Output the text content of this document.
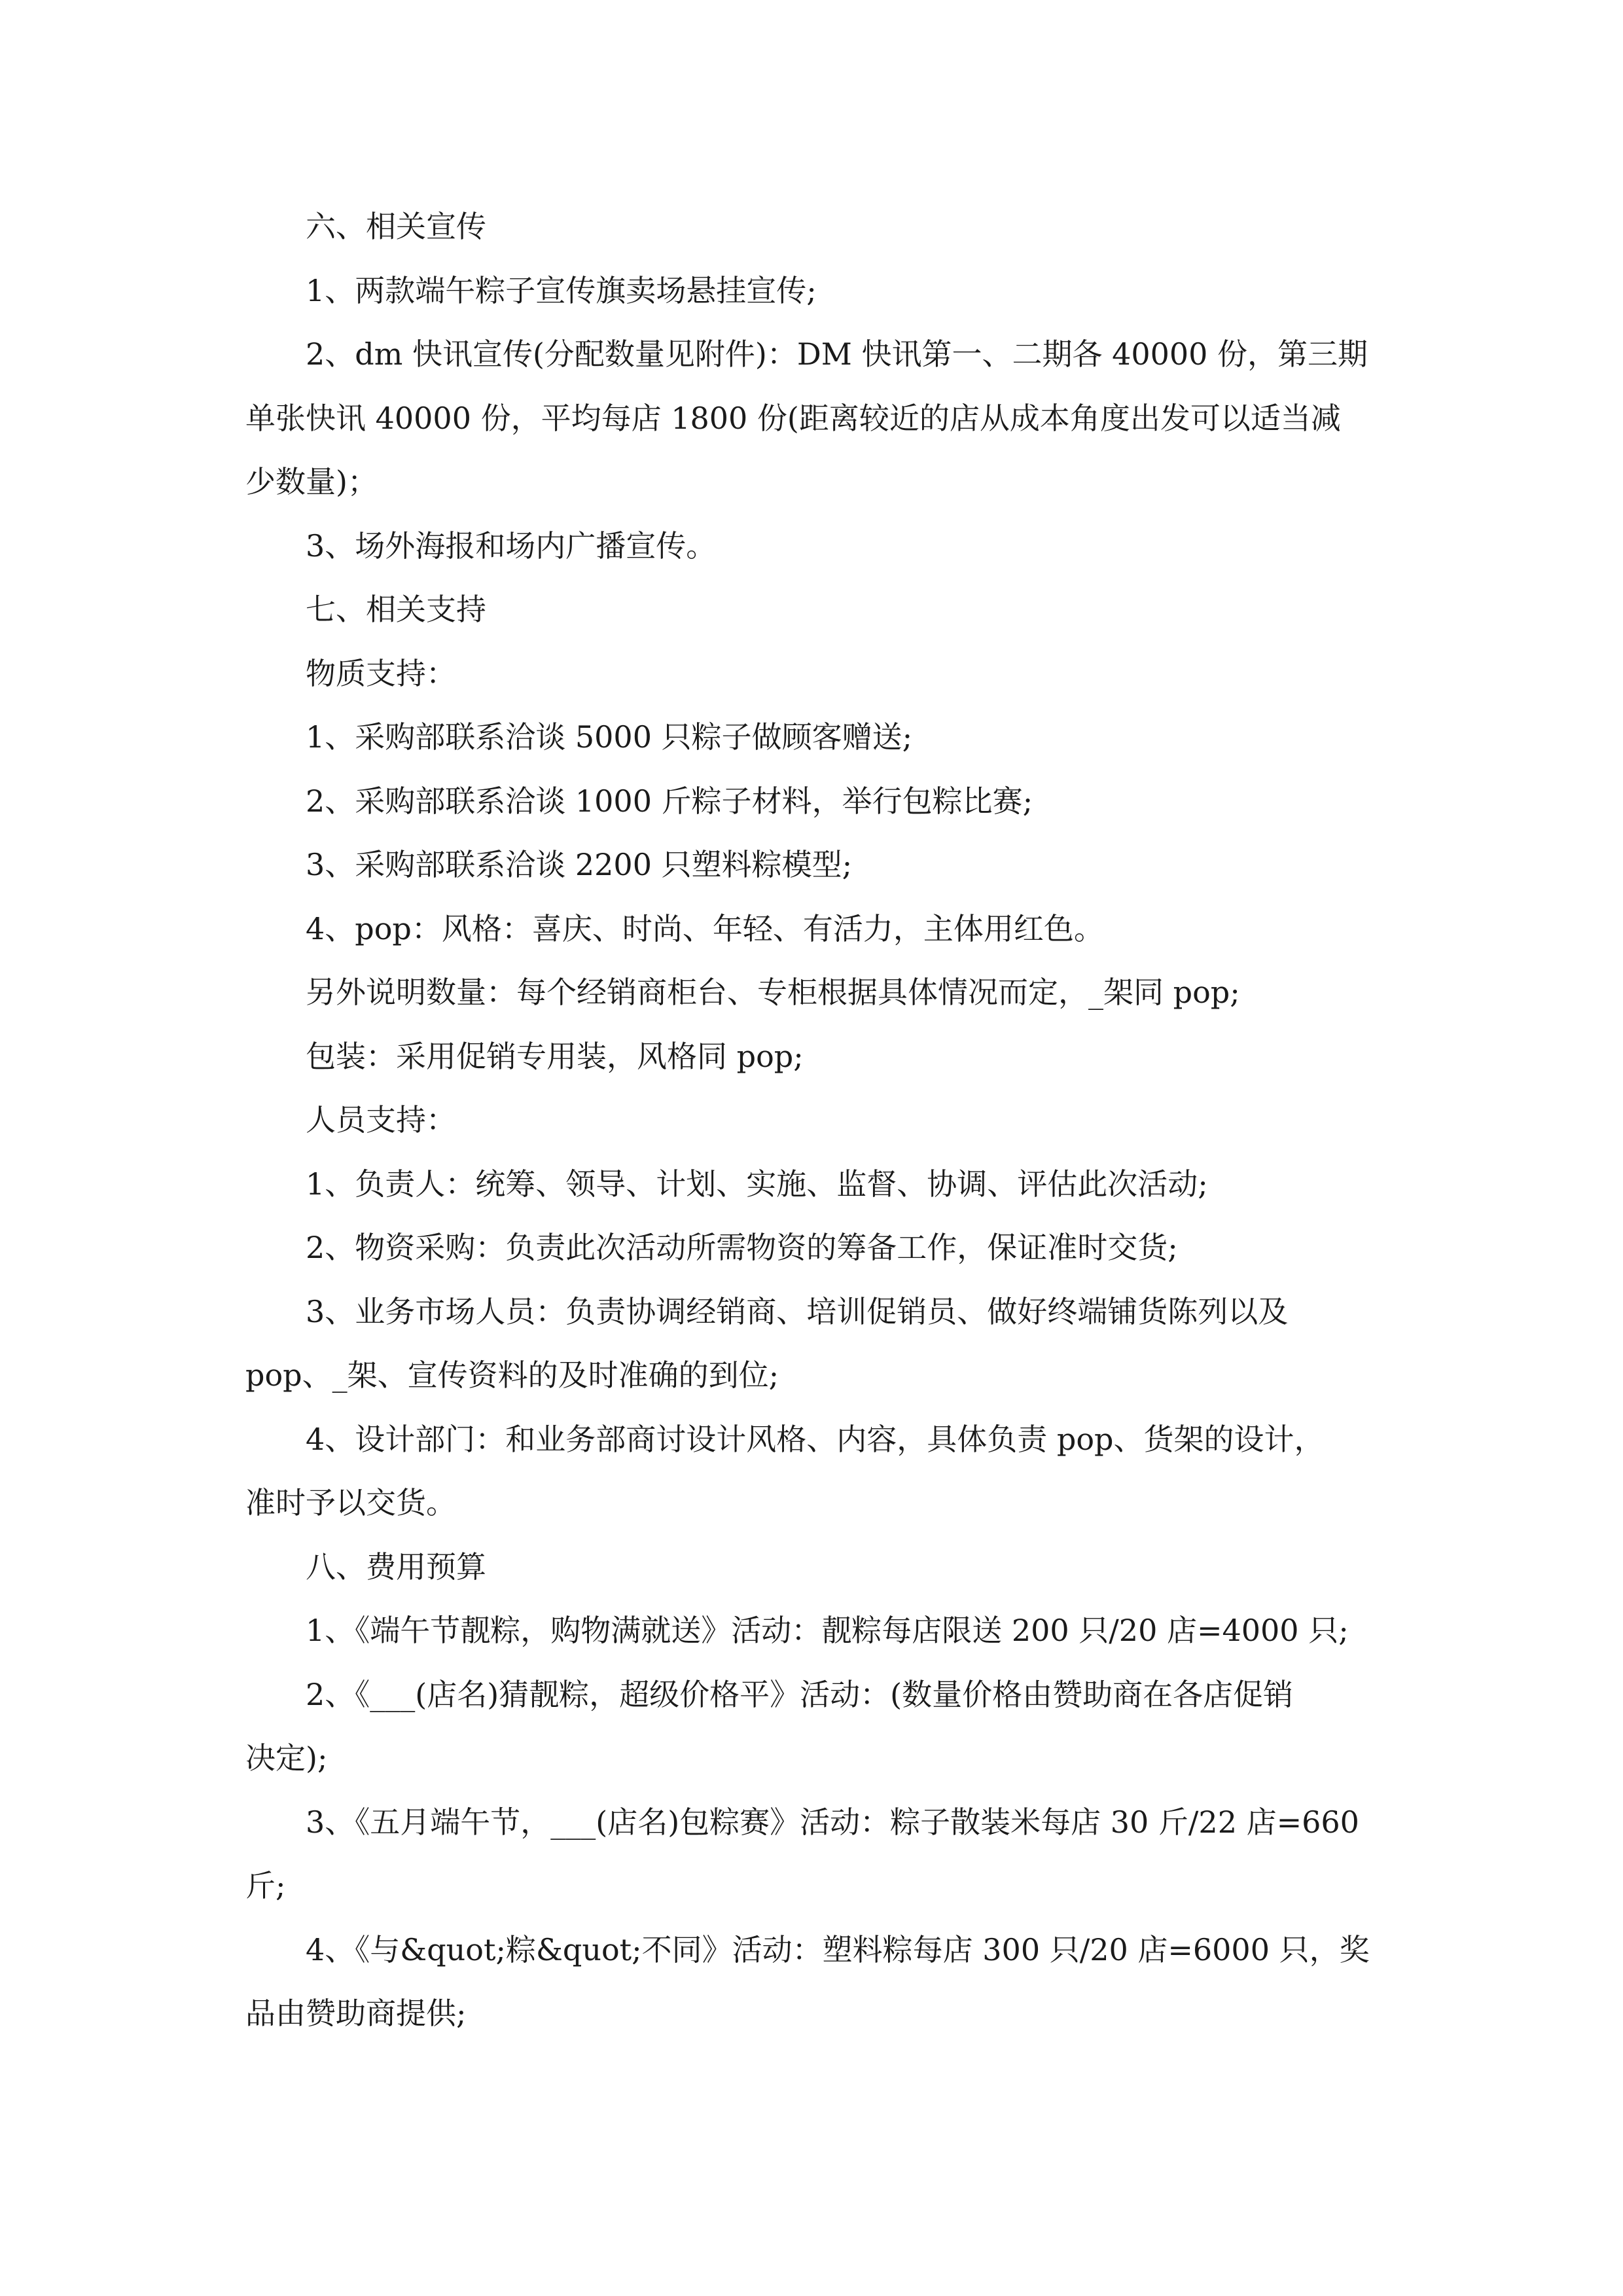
六、相关宣传
1、两款端午粽子宣传旗卖场悬挂宣传;
2、dm 快讯宣传(分配数量见附件)：DM 快讯第一、二期各 40000 份，第三期
单张快讯 40000 份，平均每店 1800 份(距离较近的店从成本角度出发可以适当减
少数量)；
3、场外海报和场内广播宣传。
七、相关支持
物质支持：
1、采购部联系洽谈 5000 只粽子做顾客赠送;
2、采购部联系洽谈 1000 斤粽子材料，举行包粽比赛;
3、采购部联系洽谈 2200 只塑料粽模型;
4、pop：风格：喜庆、时尚、年轻、有活力，主体用红色。
另外说明数量：每个经销商柜台、专柜根据具体情况而定，_架同 pop;
包装：采用促销专用装，风格同 pop;
人员支持：
1、负责人：统筹、领导、计划、实施、监督、协调、评估此次活动;
2、物资采购：负责此次活动所需物资的筹备工作，保证准时交货;
3、业务市场人员：负责协调经销商、培训促销员、做好终端铺货陈列以及
pop、_架、宣传资料的及时准确的到位;
4、设计部门：和业务部商讨设计风格、内容，具体负责 pop、货架的设计，
准时予以交货。
八、费用预算
1、《端午节靓粽，购物满就送》活动：靓粽每店限送 200 只/20 店=4000 只;
2、《___(店名)猜靓粽，超级价格平》活动：(数量价格由赞助商在各店促销
决定);
3、《五月端午节，___(店名)包粽赛》活动：粽子散装米每店 30 斤/22 店=660
斤;
4、《与&quot;粽&quot;不同》活动：塑料粽每店 300 只/20 店=6000 只，奖
品由赞助商提供;
